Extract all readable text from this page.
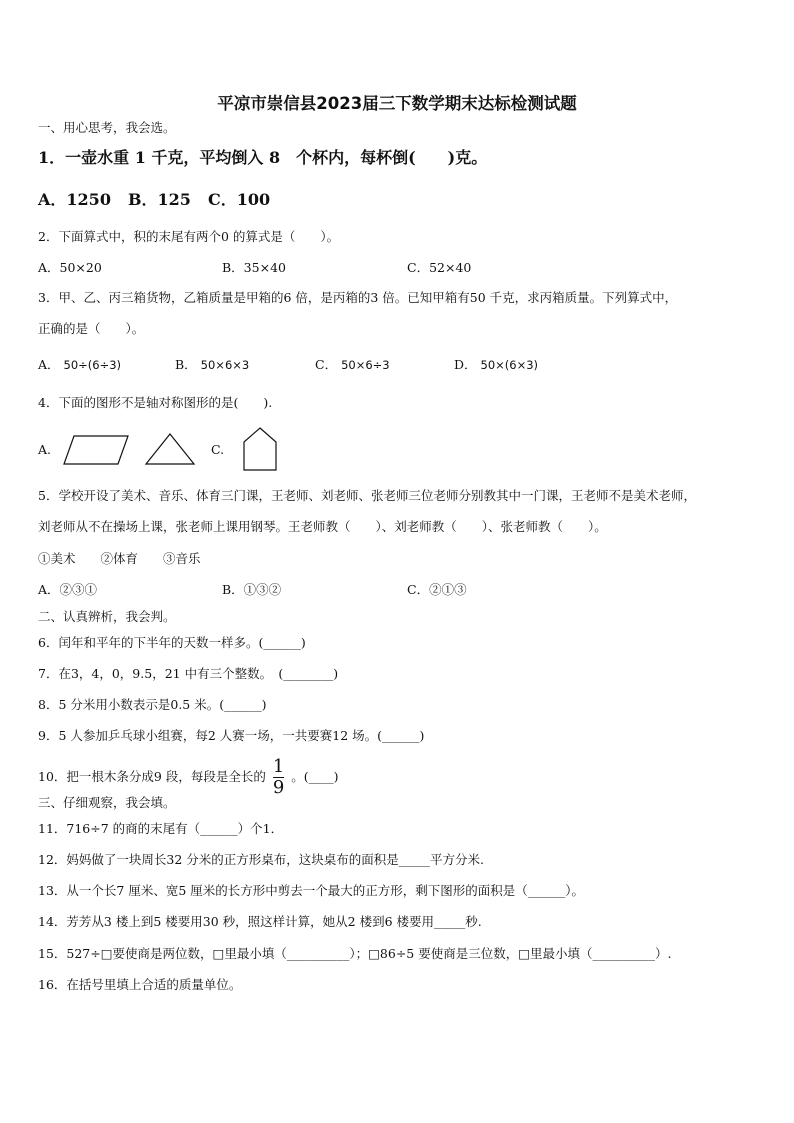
平凉市崇信县2023届三下数学期末达标检测试题
一、用心思考，我会选。
1．一壶水重 1 千克，平均倒入 8　个杯内，每杯倒(　　)克。
A．1250 B．125 C．100
2．下面算式中，积的末尾有两个0 的算式是（　　）。
A．50×20	B．35×40	C．52×40
3．甲、乙、丙三箱货物，乙箱质量是甲箱的6 倍，是丙箱的3 倍。已知甲箱有50 千克，求丙箱质量。下列算式中，
正确的是（　　）。
A． 50÷(6÷3)	B． 50×6×3	C． 50×6÷3	D． 50×(6×3)
4．下面的图形不是轴对称图形的是(　　).
A.	C.
5．学校开设了美术、音乐、体育三门课，王老师、刘老师、张老师三位老师分别教其中一门课，王老师不是美术老师，
刘老师从不在操场上课，张老师上课用钢琴。王老师教（　　）、刘老师教（　　）、张老师教（　　）。
①美术　　②体育　　③音乐
A．②③①	B．①③②	C．②①③
二、认真辨析，我会判。
6．闰年和平年的下半年的天数一样多。(______)
7．在3，4，0，9.5，21 中有三个整数。　(________)
8．5 分米用小数表示是0.5 米。(______)
9．5 人参加乒乓球小组赛，每2 人赛一场，一共要赛12 场。(______)
10．把一根木条分成9 段，每段是全长的 $\frac{1}{9}$ 。(____)
三、仔细观察，我会填。
11．716÷7 的商的末尾有（______）个1．
12．妈妈做了一块周长32 分米的正方形桌布，这块桌布的面积是_____平方分米.
13．从一个长7 厘米、宽5 厘米的长方形中剪去一个最大的正方形，剩下图形的面积是（______）。
14．芳芳从3 楼上到5 楼要用30 秒，照这样计算，她从2 楼到6 楼要用_____秒.
15．527÷□要使商是两位数，□里最小填（__________）；□86÷5 要使商是三位数，□里最小填（__________）.
16．在括号里填上合适的质量单位。
